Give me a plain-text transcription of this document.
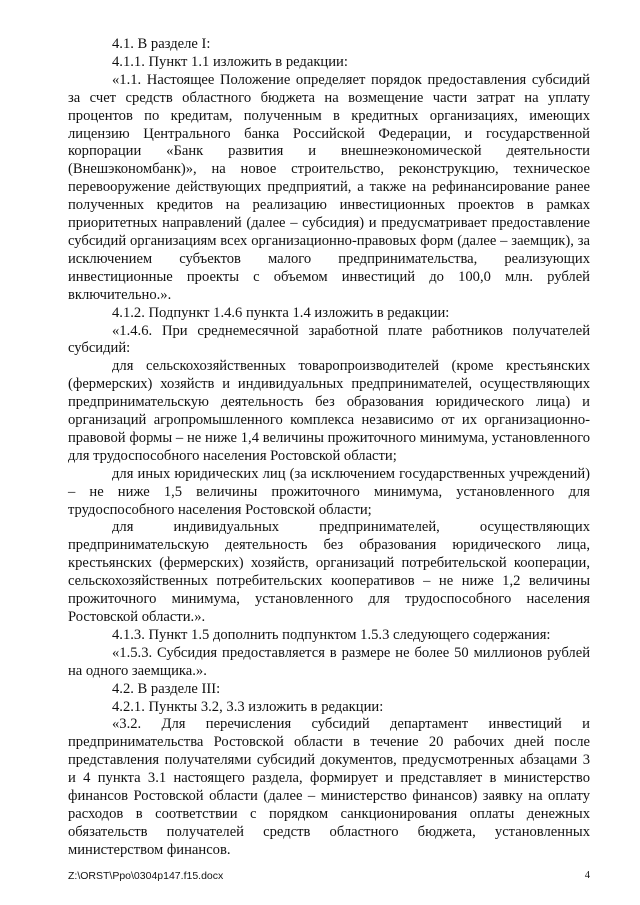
4.1. В разделе I:

4.1.1. Пункт 1.1 изложить в редакции:

«1.1. Настоящее Положение определяет порядок предоставления субсидий за счет средств областного бюджета на возмещение части затрат на уплату процентов по кредитам, полученным в кредитных организациях, имеющих лицензию Центрального банка Российской Федерации, и государственной корпорации «Банк развития и внешнеэкономической деятельности (Внешэкономбанк)», на новое строительство, реконструкцию, техническое перевооружение действующих предприятий, а также на рефинансирование ранее полученных кредитов на реализацию инвестиционных проектов в рамках приоритетных направлений (далее – субсидия) и предусматривает предоставление субсидий организациям всех организационно-правовых форм (далее – заемщик), за исключением субъектов малого предпринимательства, реализующих инвестиционные проекты с объемом инвестиций до 100,0 млн. рублей включительно.».

4.1.2. Подпункт 1.4.6 пункта 1.4 изложить в редакции:

«1.4.6. При среднемесячной заработной плате работников получателей субсидий:

для сельскохозяйственных товаропроизводителей (кроме крестьянских (фермерских) хозяйств и индивидуальных предпринимателей, осуществляющих предпринимательскую деятельность без образования юридического лица) и организаций агропромышленного комплекса независимо от их организационно-правовой формы – не ниже 1,4 величины прожиточного минимума, установленного для трудоспособного населения Ростовской области;

для иных юридических лиц (за исключением государственных учреждений) – не ниже 1,5 величины прожиточного минимума, установленного для трудоспособного населения Ростовской области;

для индивидуальных предпринимателей, осуществляющих предпринимательскую деятельность без образования юридического лица, крестьянских (фермерских) хозяйств, организаций потребительской кооперации, сельскохозяйственных потребительских кооперативов – не ниже 1,2 величины прожиточного минимума, установленного для трудоспособного населения Ростовской области.».

4.1.3. Пункт 1.5 дополнить подпунктом 1.5.3 следующего содержания:

«1.5.3. Субсидия предоставляется в размере не более 50 миллионов рублей на одного заемщика.».

4.2. В разделе III:

4.2.1. Пункты 3.2, 3.3 изложить в редакции:

«3.2. Для перечисления субсидий департамент инвестиций и предпринимательства Ростовской области в течение 20 рабочих дней после представления получателями субсидий документов, предусмотренных абзацами 3 и 4 пункта 3.1 настоящего раздела, формирует и представляет в министерство финансов Ростовской области (далее – министерство финансов) заявку на оплату расходов в соответствии с порядком санкционирования оплаты денежных обязательств получателей средств областного бюджета, установленных министерством финансов.

Z:\ORST\Ppo\0304p147.f15.docx	4
